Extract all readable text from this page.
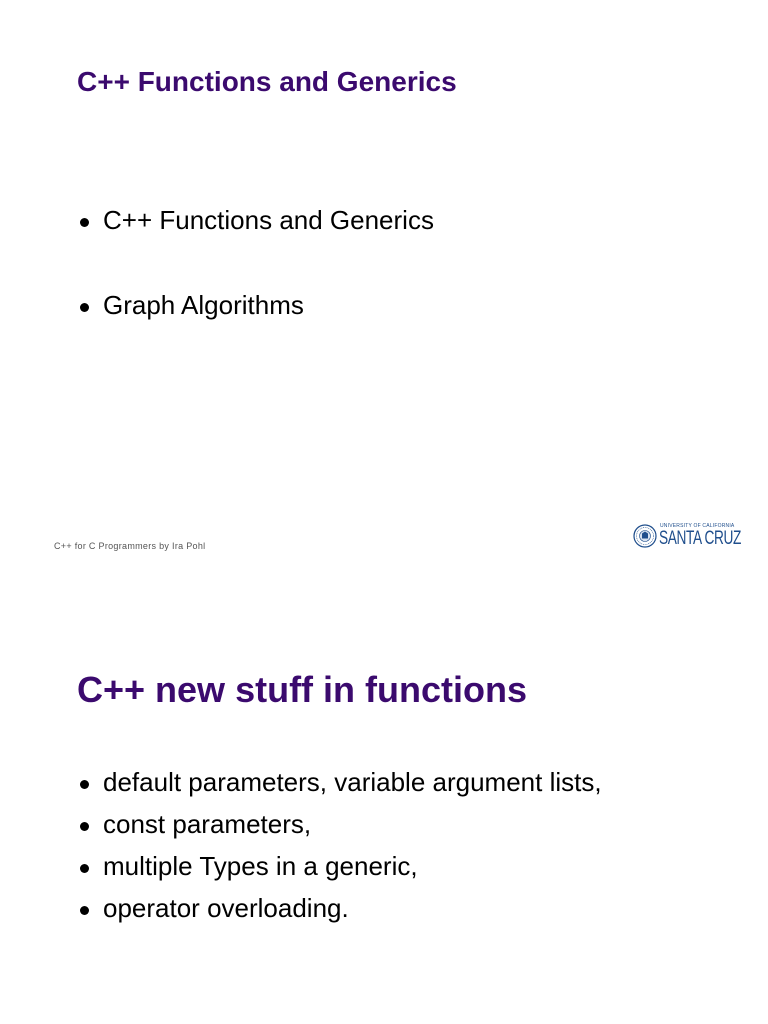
C++ Functions and Generics
C++ Functions and Generics
Graph Algorithms
C++ for C Programmers by Ira Pohl
UNIVERSITY OF CALIFORNIA
SANTA CRUZ
C++ new stuff in functions
default parameters, variable argument lists,
const parameters,
multiple Types in a generic,
operator overloading.
